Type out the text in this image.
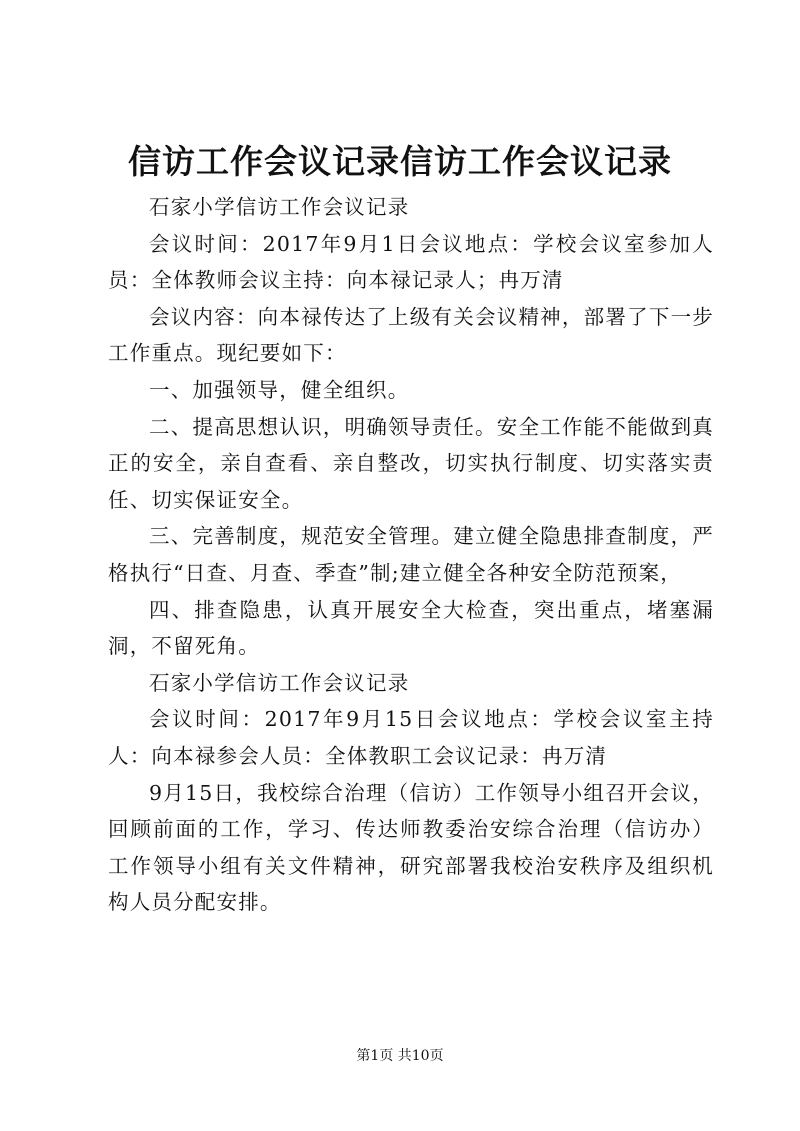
信访工作会议记录信访工作会议记录

石家小学信访工作会议记录

会议时间：2017年9月1日会议地点：学校会议室参加人员：全体教师会议主持：向本禄记录人；冉万清

会议内容：向本禄传达了上级有关会议精神，部署了下一步工作重点。现纪要如下：

一、加强领导，健全组织。

二、提高思想认识，明确领导责任。安全工作能不能做到真正的安全，亲自查看、亲自整改，切实执行制度、切实落实责任、切实保证安全。

三、完善制度，规范安全管理。建立健全隐患排查制度，严格执行“日查、月查、季查”制;建立健全各种安全防范预案，

四、排查隐患，认真开展安全大检查，突出重点，堵塞漏洞，不留死角。

石家小学信访工作会议记录

会议时间：2017年9月15日会议地点：学校会议室主持人：向本禄参会人员：全体教职工会议记录：冉万清

9月15日，我校综合治理（信访）工作领导小组召开会议，回顾前面的工作，学习、传达师教委治安综合治理（信访办）工作领导小组有关文件精神，研究部署我校治安秩序及组织机构人员分配安排。

第1页 共10页
